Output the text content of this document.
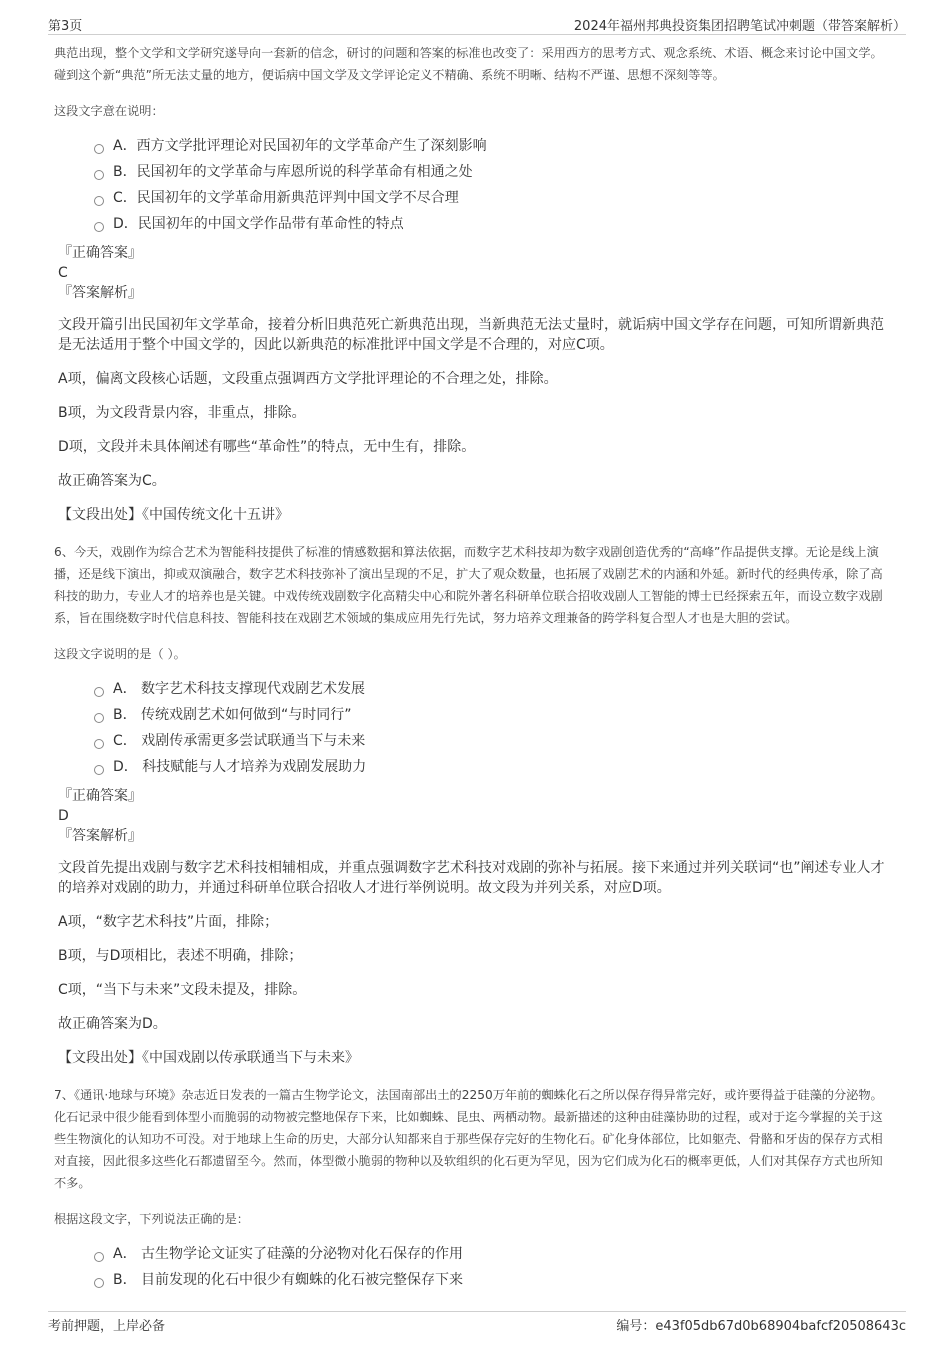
第3页	2024年福州邦典投资集团招聘笔试冲刺题（带答案解析）

典范出现，整个文学和文学研究遂导向一套新的信念，研讨的问题和答案的标准也改变了：采用西方的思考方式、观念系统、术语、概念来讨论中国文学。碰到这个新“典范”所无法丈量的地方，便诟病中国文学及文学评论定义不精确、系统不明晰、结构不严谨、思想不深刻等等。

这段文字意在说明：
A．西方文学批评理论对民国初年的文学革命产生了深刻影响
B．民国初年的文学革命与库恩所说的科学革命有相通之处
C．民国初年的文学革命用新典范评判中国文学不尽合理
D．民国初年的中国文学作品带有革命性的特点
『正确答案』
C
『答案解析』
文段开篇引出民国初年文学革命，接着分析旧典范死亡新典范出现，当新典范无法丈量时，就诟病中国文学存在问题，可知所谓新典范是无法适用于整个中国文学的，因此以新典范的标准批评中国文学是不合理的，对应C项。
A项，偏离文段核心话题，文段重点强调西方文学批评理论的不合理之处，排除。
B项，为文段背景内容，非重点，排除。
D项，文段并未具体阐述有哪些“革命性”的特点，无中生有，排除。
故正确答案为C。
【文段出处】《中国传统文化十五讲》

6、今天，戏剧作为综合艺术为智能科技提供了标准的情感数据和算法依据，而数字艺术科技却为数字戏剧创造优秀的“高峰”作品提供支撑。无论是线上演播，还是线下演出，抑或双演融合，数字艺术科技弥补了演出呈现的不足，扩大了观众数量，也拓展了戏剧艺术的内涵和外延。新时代的经典传承，除了高科技的助力，专业人才的培养也是关键。中戏传统戏剧数字化高精尖中心和院外著名科研单位联合招收戏剧人工智能的博士已经探索五年，而设立数字戏剧系，旨在围绕数字时代信息科技、智能科技在戏剧艺术领域的集成应用先行先试，努力培养文理兼备的跨学科复合型人才也是大胆的尝试。

这段文字说明的是（ ）。
A． 数字艺术科技支撑现代戏剧艺术发展
B． 传统戏剧艺术如何做到“与时同行”
C． 戏剧传承需更多尝试联通当下与未来
D． 科技赋能与人才培养为戏剧发展助力
『正确答案』
D
『答案解析』
文段首先提出戏剧与数字艺术科技相辅相成，并重点强调数字艺术科技对戏剧的弥补与拓展。接下来通过并列关联词“也”阐述专业人才的培养对戏剧的助力，并通过科研单位联合招收人才进行举例说明。故文段为并列关系，对应D项。
A项，“数字艺术科技”片面，排除；
B项，与D项相比，表述不明确，排除；
C项，“当下与未来”文段未提及，排除。
故正确答案为D。
【文段出处】《中国戏剧以传承联通当下与未来》

7、《通讯·地球与环境》杂志近日发表的一篇古生物学论文，法国南部出土的2250万年前的蜘蛛化石之所以保存得异常完好，或许要得益于硅藻的分泌物。化石记录中很少能看到体型小而脆弱的动物被完整地保存下来，比如蜘蛛、昆虫、两栖动物。最新描述的这种由硅藻协助的过程，或对于迄今掌握的关于这些生物演化的认知功不可没。对于地球上生命的历史，大部分认知都来自于那些保存完好的生物化石。矿化身体部位，比如躯壳、骨骼和牙齿的保存方式相对直接，因此很多这些化石都遗留至今。然而，体型微小脆弱的物种以及软组织的化石更为罕见，因为它们成为化石的概率更低，人们对其保存方式也所知不多。

根据这段文字，下列说法正确的是：
A． 古生物学论文证实了硅藻的分泌物对化石保存的作用
B． 目前发现的化石中很少有蜘蛛的化石被完整保存下来
考前押题，上岸必备	编号：e43f05db67d0b68904bafcf20508643c
